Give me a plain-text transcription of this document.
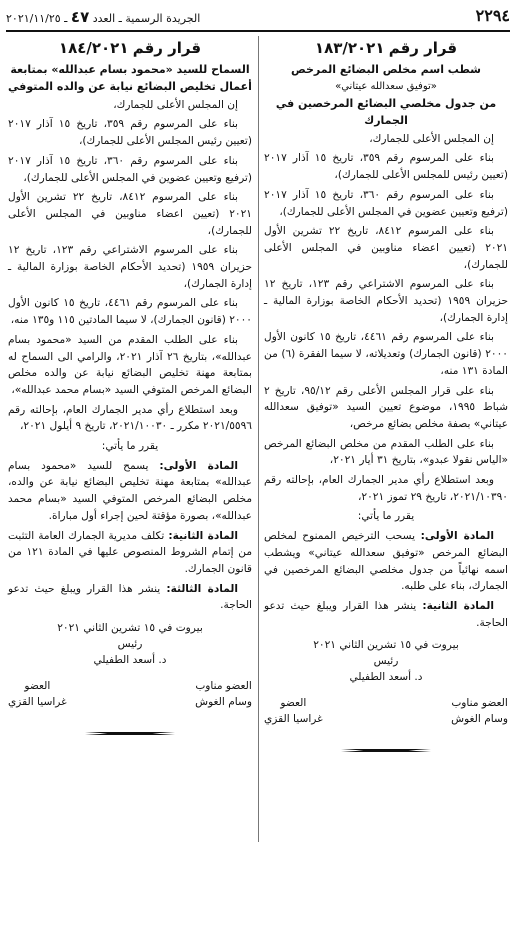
٢٢٩٤
الجريدة الرسمية ـ العدد ٤٧ ـ ٢٠٢١/١١/٢٥
قرار رقم ١٨٣/٢٠٢١
شطب اسم مخلص البضائع المرخص
«توفيق سعدالله عيتاني»
من جدول مخلصي البضائع المرخصين في الجمارك

إن المجلس الأعلى للجمارك،

بناء على المرسوم رقم ٣٥٩، تاريخ ١٥ آذار ٢٠١٧ (تعيين رئيس للمجلس الأعلى للجمارك)،

بناء على المرسوم رقم ٣٦٠، تاريخ ١٥ آذار ٢٠١٧ (ترفيع وتعيين عضوين في المجلس الأعلى للجمارك)،

بناء على المرسوم ٨٤١٢، تاريخ ٢٢ تشرين الأول ٢٠٢١ (تعيين اعضاء مناوبين في المجلس الأعلى للجمارك)،

بناء على المرسوم الاشتراعي رقم ١٢٣، تاريخ ١٢ حزيران ١٩٥٩ (تحديد الأحكام الخاصة بوزارة المالية ـ إدارة الجمارك)،

بناء على المرسوم رقم ٤٤٦١، تاريخ ١٥ كانون الأول ٢٠٠٠ (قانون الجمارك) وتعديلاته، لا سيما الفقرة (٦) من المادة ١٣١ منه،

بناء على قرار المجلس الأعلى رقم ٩٥/١٢، تاريخ ٢ شباط ١٩٩٥، موضوع تعيين السيد «توفيق سعدالله عيتاني» بصفة مخلص بضائع مرخص،

بناء على الطلب المقدم من مخلص البضائع المرخص «الياس نقولا عبدو»، بتاريخ ٣١ أيار ٢٠٢١،

وبعد استطلاع رأي مدير الجمارك العام، بإحالته رقم ٢٠٢١/١٠٣٩٠، تاريخ ٢٩ تموز ٢٠٢١،

يقرر ما يأتي:

المادة الأولى: يسحب الترخيص الممنوح لمخلص البضائع المرخص «توفيق سعدالله عيتاني» ويشطب اسمه نهائياً من جدول مخلصي البضائع المرخصين في الجمارك، بناء على طلبه.

المادة الثانية: ينشر هذا القرار ويبلغ حيث تدعو الحاجة.

بيروت في ١٥ تشرين الثاني ٢٠٢١
رئيس
د. أسعد الطفيلي
العضو مناوب
وسام الغوش
العضو
غراسيا القزي
قرار رقم ١٨٤/٢٠٢١
السماح للسيد «محمود بسام عبدالله» بمتابعة
أعمال تخليص البضائع نيابة عن والده المتوفي

إن المجلس الأعلى للجمارك،

بناء على المرسوم رقم ٣٥٩، تاريخ ١٥ آذار ٢٠١٧ (تعيين رئيس المجلس الأعلى للجمارك)،

بناء على المرسوم رقم ٣٦٠، تاريخ ١٥ آذار ٢٠١٧ (ترفيع وتعيين عضوين في المجلس الأعلى للجمارك)،

بناء على المرسوم ٨٤١٢، تاريخ ٢٢ تشرين الأول ٢٠٢١ (تعيين اعضاء مناوبين في المجلس الأعلى للجمارك)،

بناء على المرسوم الاشتراعي رقم ١٢٣، تاريخ ١٢ حزيران ١٩٥٩ (تحديد الأحكام الخاصة بوزارة المالية ـ إدارة الجمارك)،

بناء على المرسوم رقم ٤٤٦١، تاريخ ١٥ كانون الأول ٢٠٠٠ (قانون الجمارك)، لا سيما المادتين ١١٥ و١٣٥ منه،

بناء على الطلب المقدم من السيد «محمود بسام عبدالله»، بتاريخ ٢٦ آذار ٢٠٢١، والرامي الى السماح له بمتابعة مهنة تخليص البضائع نيابة عن والده مخلص البضائع المرخص المتوفي السيد «بسام محمد عبدالله»،

وبعد استطلاع رأي مدير الجمارك العام، بإحالته رقم ٢٠٢١/٥٥٩٦ مكرر ـ ٢٠٢١/١٠٠٣٠، تاريخ ٩ أيلول ٢٠٢١،

يقرر ما يأتي:

المادة الأولى: يسمح للسيد «محمود بسام عبدالله» بمتابعة مهنة تخليص البضائع نيابة عن والده، مخلص البضائع المرخص المتوفي السيد «بسام محمد عبدالله»، بصورة مؤقتة لحين إجراء أول مباراة.

المادة الثانية: تكلف مديرية الجمارك العامة التثبت من إتمام الشروط المنصوص عليها في المادة ١٢١ من قانون الجمارك.

المادة الثالثة: ينشر هذا القرار ويبلغ حيث تدعو الحاجة.

بيروت في ١٥ تشرين الثاني ٢٠٢١
رئيس
د. أسعد الطفيلي
العضو مناوب
وسام الغوش
العضو
غراسيا القزي
